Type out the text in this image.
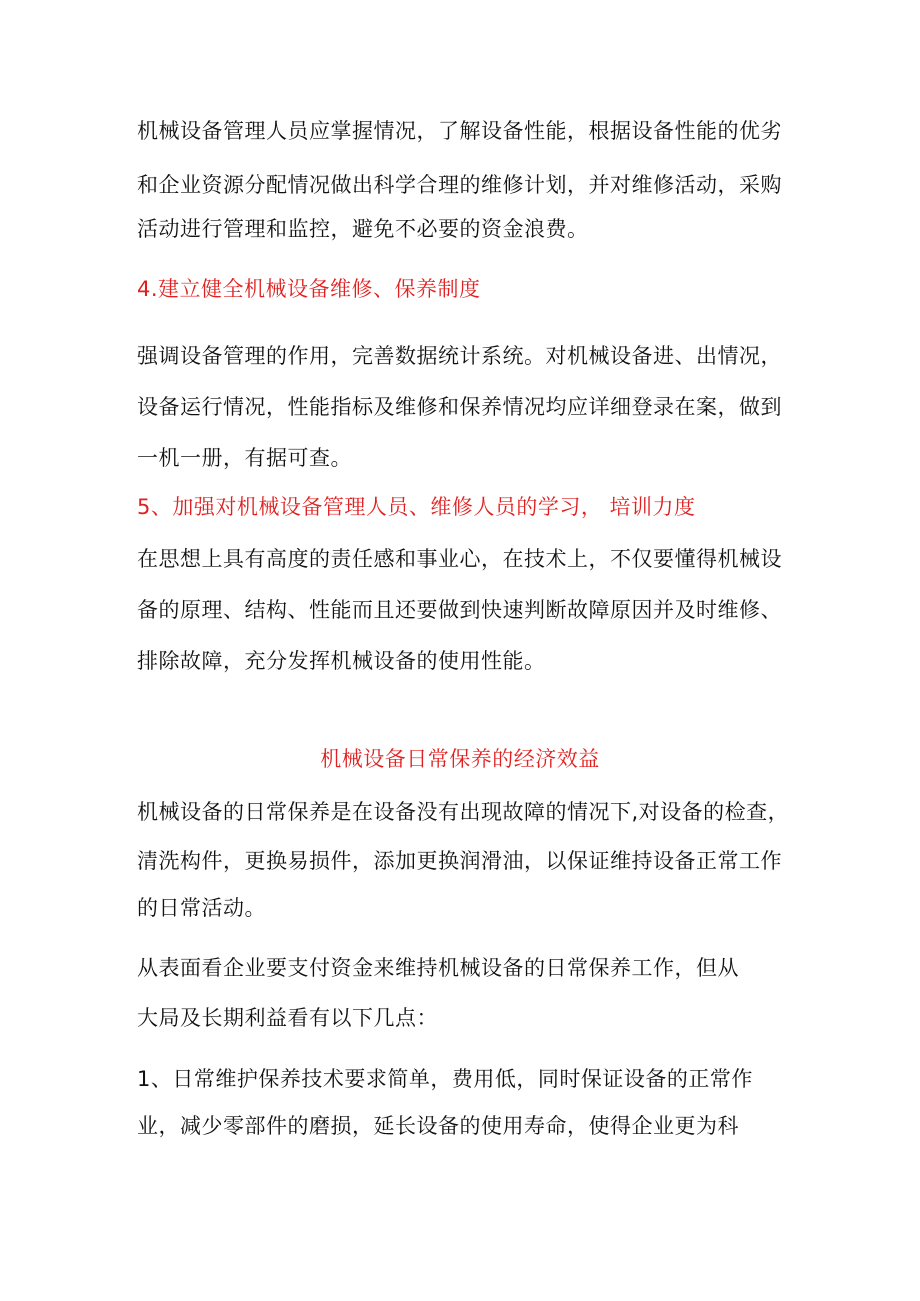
机械设备管理人员应掌握情况，了解设备性能，根据设备性能的优劣
和企业资源分配情况做出科学合理的维修计划，并对维修活动，采购
活动进行管理和监控，避免不必要的资金浪费。
4.建立健全机械设备维修、保养制度
强调设备管理的作用，完善数据统计系统。对机械设备进、出情况，
设备运行情况，性能指标及维修和保养情况均应详细登录在案，做到
一机一册，有据可查。
5、加强对机械设备管理人员、维修人员的学习， 培训力度
在思想上具有高度的责任感和事业心，在技术上，不仅要懂得机械设
备的原理、结构、性能而且还要做到快速判断故障原因并及时维修、
排除故障，充分发挥机械设备的使用性能。
机械设备日常保养的经济效益
机械设备的日常保养是在设备没有出现故障的情况下,对设备的检查，
清洗构件，更换易损件，添加更换润滑油，以保证维持设备正常工作
的日常活动。
从表面看企业要支付资金来维持机械设备的日常保养工作，但从
大局及长期利益看有以下几点：
1、日常维护保养技术要求简单，费用低，同时保证设备的正常作
业，减少零部件的磨损，延长设备的使用寿命，使得企业更为科
